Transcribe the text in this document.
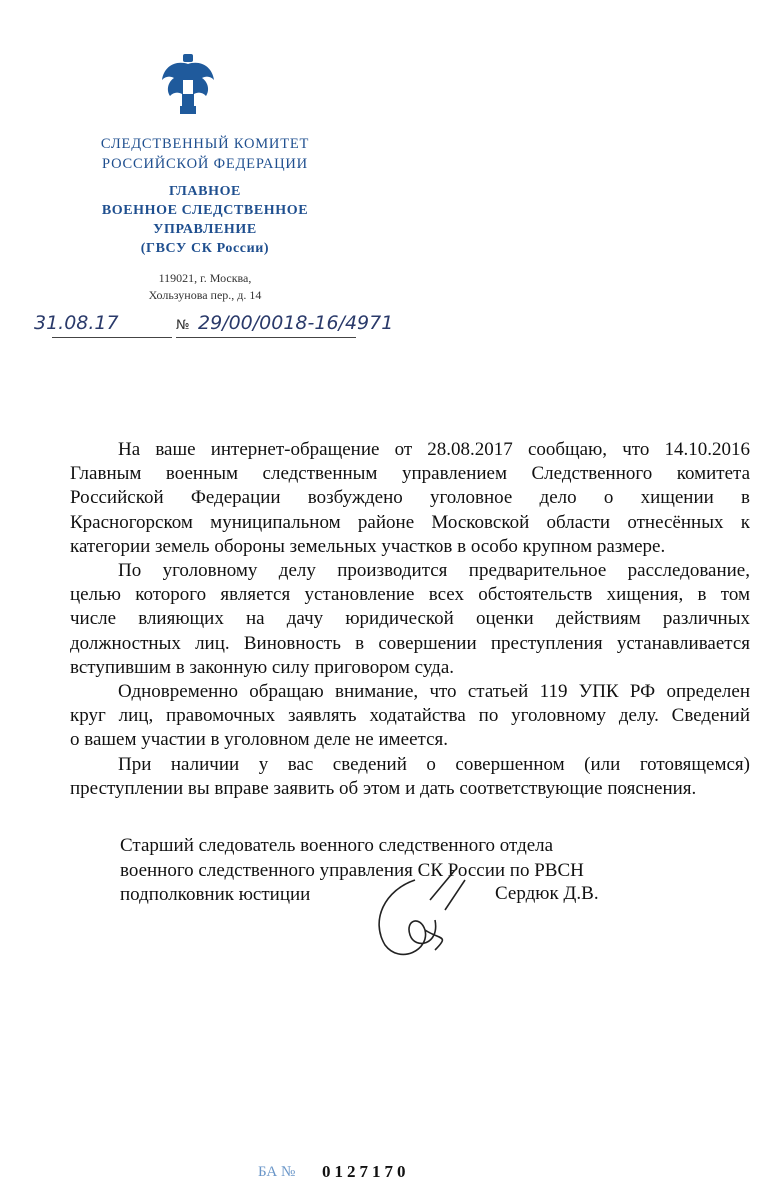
СЛЕДСТВЕННЫЙ КОМИТЕТ
РОССИЙСКОЙ ФЕДЕРАЦИИ
ГЛАВНОЕ
ВОЕННОЕ СЛЕДСТВЕННОЕ
УПРАВЛЕНИЕ
(ГВСУ СК России)
119021, г. Москва,
Хользунова пер., д. 14
31.08.17	№ 29/00/0018-16/4971
На ваше интернет-обращение от 28.08.2017 сообщаю, что 14.10.2016
Главным военным следственным управлением Следственного комитета
Российской Федерации возбуждено уголовное дело о хищении в
Красногорском муниципальном районе Московской области отнесённых к
категории земель обороны земельных участков в особо крупном размере.
По уголовному делу производится предварительное расследование,
целью которого является установление всех обстоятельств хищения, в том
числе влияющих на дачу юридической оценки действиям различных
должностных лиц. Виновность в совершении преступления устанавливается
вступившим в законную силу приговором суда.
Одновременно обращаю внимание, что статьей 119 УПК РФ определен
круг лиц, правомочных заявлять ходатайства по уголовному делу. Сведений
о вашем участии в уголовном деле не имеется.
При наличии у вас сведений о совершенном (или готовящемся)
преступлении вы вправе заявить об этом и дать соответствующие пояснения.
Старший следователь военного следственного отдела
военного следственного управления СК России по РВСН
подполковник юстиции	Сердюк Д.В.
БА № 0127170
